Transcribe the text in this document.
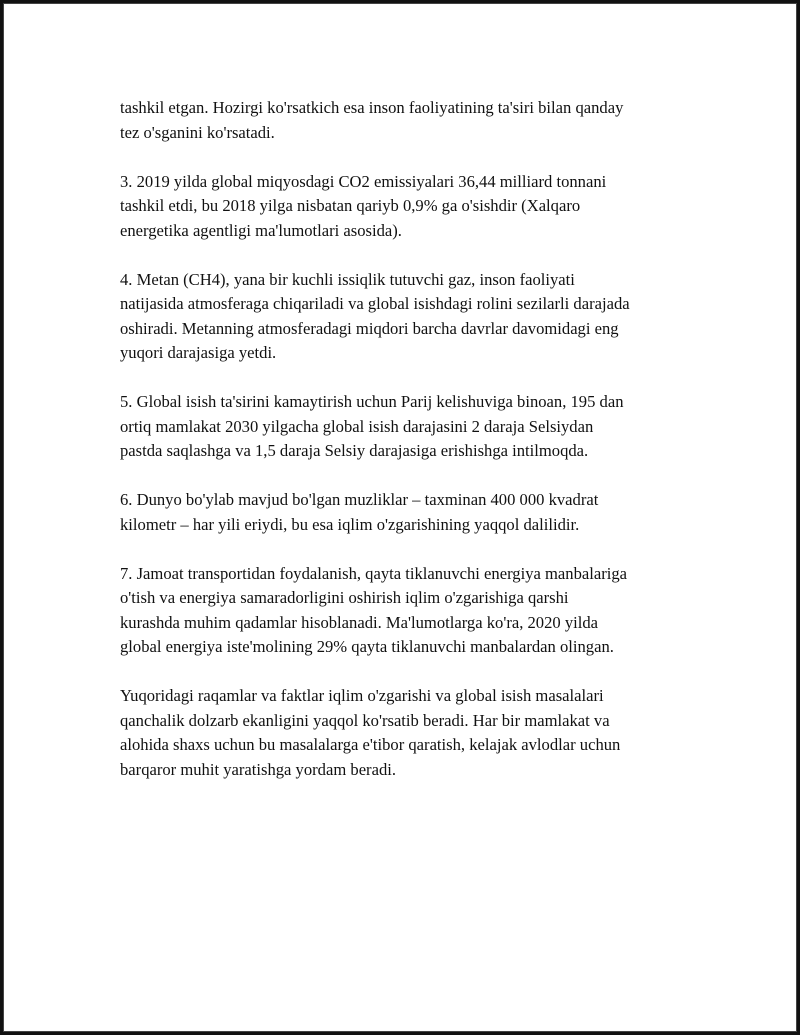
tashkil etgan. Hozirgi ko'rsatkich esa inson faoliyatining ta'siri bilan qanday
tez o'sganini ko'rsatadi.

3. 2019 yilda global miqyosdagi CO2 emissiyalari 36,44 milliard tonnani
tashkil etdi, bu 2018 yilga nisbatan qariyb 0,9% ga o'sishdir (Xalqaro
energetika agentligi ma'lumotlari asosida).

4. Metan (CH4), yana bir kuchli issiqlik tutuvchi gaz, inson faoliyati
natijasida atmosferaga chiqariladi va global isishdagi rolini sezilarli darajada
oshiradi. Metanning atmosferadagi miqdori barcha davrlar davomidagi eng
yuqori darajasiga yetdi.

5. Global isish ta'sirini kamaytirish uchun Parij kelishuviga binoan, 195 dan
ortiq mamlakat 2030 yilgacha global isish darajasini 2 daraja Selsiydan
pastda saqlashga va 1,5 daraja Selsiy darajasiga erishishga intilmoqda.

6. Dunyo bo'ylab mavjud bo'lgan muzliklar – taxminan 400 000 kvadrat
kilometr – har yili eriydi, bu esa iqlim o'zgarishining yaqqol dalilidir.

7. Jamoat transportidan foydalanish, qayta tiklanuvchi energiya manbalariga
o'tish va energiya samaradorligini oshirish iqlim o'zgarishiga qarshi
kurashda muhim qadamlar hisoblanadi. Ma'lumotlarga ko'ra, 2020 yilda
global energiya iste'molining 29% qayta tiklanuvchi manbalardan olingan.

Yuqoridagi raqamlar va faktlar iqlim o'zgarishi va global isish masalalari
qanchalik dolzarb ekanligini yaqqol ko'rsatib beradi. Har bir mamlakat va
alohida shaxs uchun bu masalalarga e'tibor qaratish, kelajak avlodlar uchun
barqaror muhit yaratishga yordam beradi.
